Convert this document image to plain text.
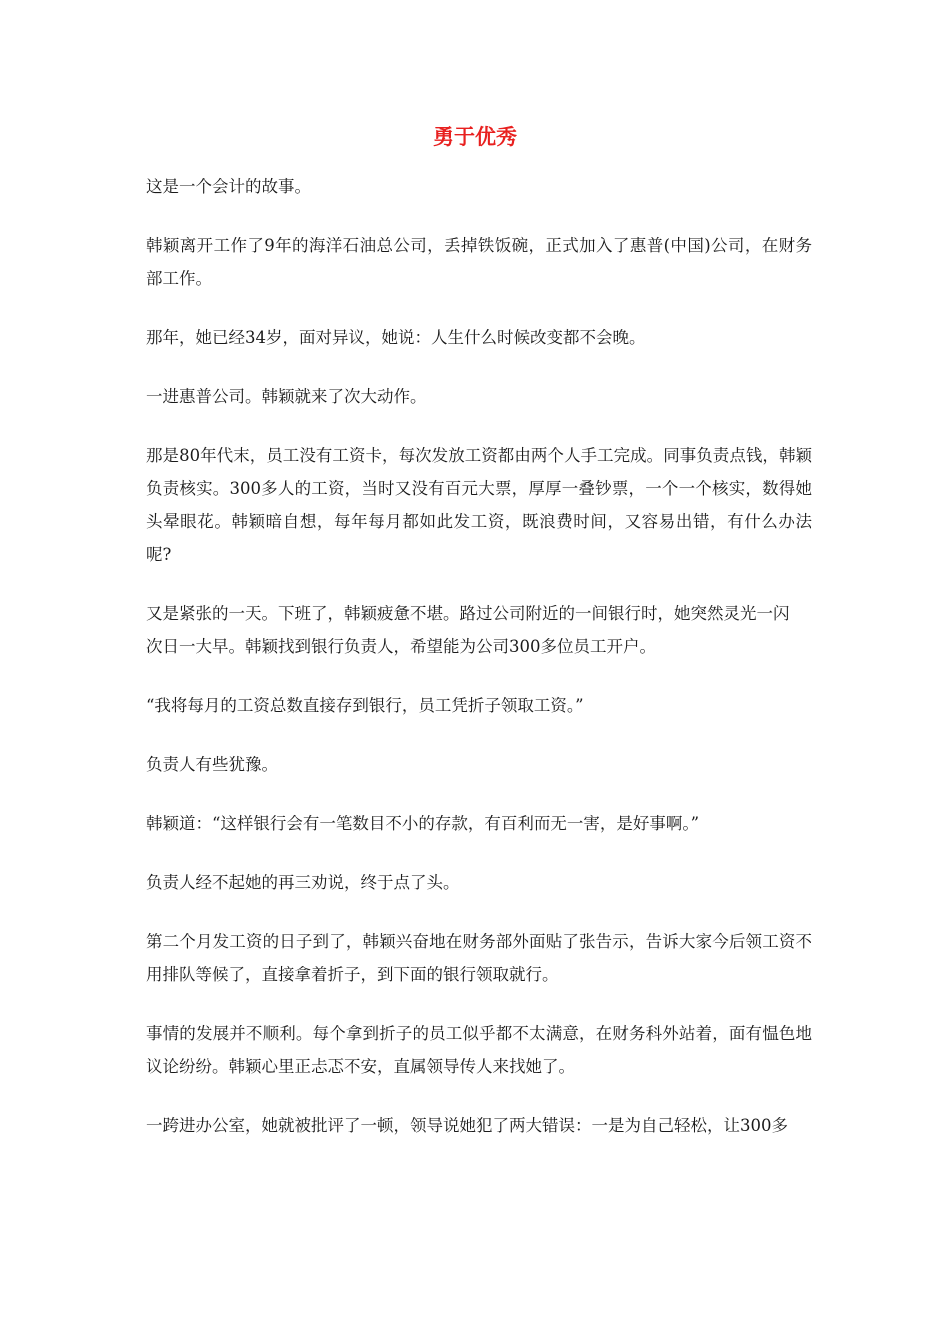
勇于优秀

这是一个会计的故事。

韩颖离开工作了9年的海洋石油总公司，丢掉铁饭碗，正式加入了惠普(中国)公司，在财务部工作。

那年，她已经34岁，面对异议，她说：人生什么时候改变都不会晚。

一进惠普公司。韩颖就来了次大动作。

那是80年代末，员工没有工资卡，每次发放工资都由两个人手工完成。同事负责点钱，韩颖负责核实。300多人的工资，当时又没有百元大票，厚厚一叠钞票，一个一个核实，数得她头晕眼花。韩颖暗自想，每年每月都如此发工资，既浪费时间，又容易出错，有什么办法呢?

又是紧张的一天。下班了，韩颖疲惫不堪。路过公司附近的一间银行时，她突然灵光一闪

次日一大早。韩颖找到银行负责人，希望能为公司300多位员工开户。

“我将每月的工资总数直接存到银行，员工凭折子领取工资。”

负责人有些犹豫。

韩颖道：“这样银行会有一笔数目不小的存款，有百利而无一害，是好事啊。”

负责人经不起她的再三劝说，终于点了头。

第二个月发工资的日子到了，韩颖兴奋地在财务部外面贴了张告示，告诉大家今后领工资不用排队等候了，直接拿着折子，到下面的银行领取就行。

事情的发展并不顺利。每个拿到折子的员工似乎都不太满意，在财务科外站着，面有愠色地议论纷纷。韩颖心里正忐忑不安，直属领导传人来找她了。

一跨进办公室，她就被批评了一顿，领导说她犯了两大错误：一是为自己轻松，让300多
